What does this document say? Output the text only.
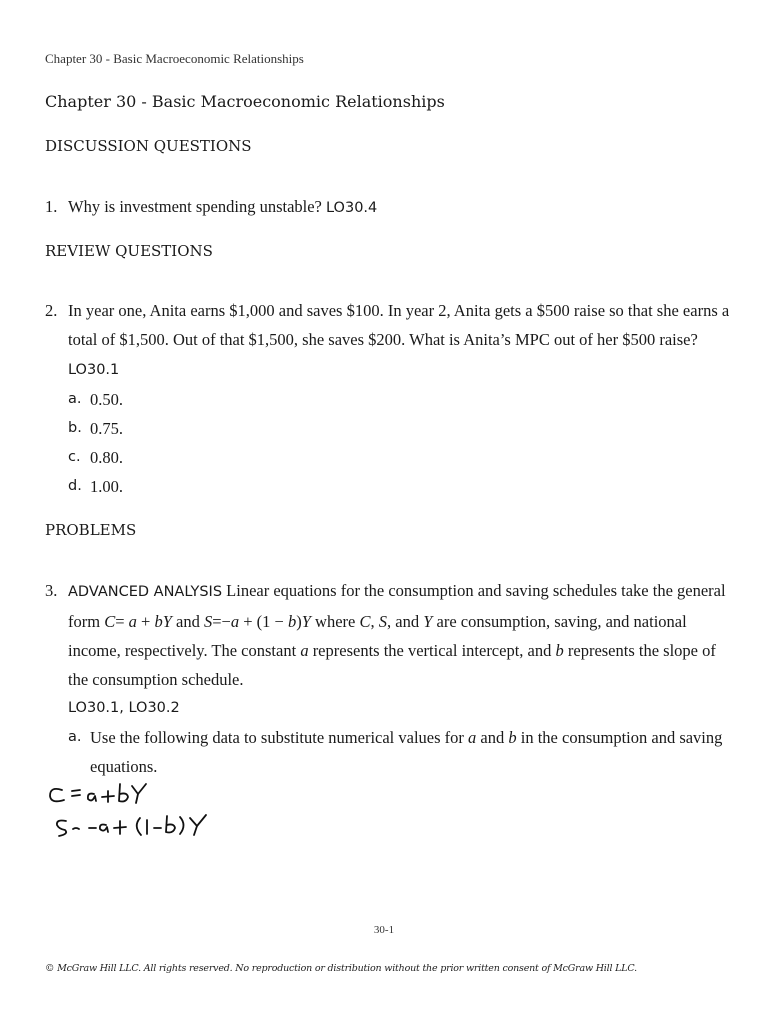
Chapter 30 - Basic Macroeconomic Relationships
Chapter 30 - Basic Macroeconomic Relationships
DISCUSSION QUESTIONS
1. Why is investment spending unstable? LO30.4
REVIEW QUESTIONS
2. In year one, Anita earns $1,000 and saves $100. In year 2, Anita gets a $500 raise so that she earns a total of $1,500. Out of that $1,500, she saves $200. What is Anita’s MPC out of her $500 raise? LO30.1
a. 0.50.
b. 0.75.
c. 0.80.
d. 1.00.
PROBLEMS
3. ADVANCED ANALYSIS Linear equations for the consumption and saving schedules take the general form C= a + bY and S=−a + (1 − b)Y where C, S, and Y are consumption, saving, and national income, respectively. The constant a represents the vertical intercept, and b represents the slope of the consumption schedule.
LO30.1, LO30.2
a. Use the following data to substitute numerical values for a and b in the consumption and saving equations.
30-1
© McGraw Hill LLC. All rights reserved. No reproduction or distribution without the prior written consent of McGraw Hill LLC.
